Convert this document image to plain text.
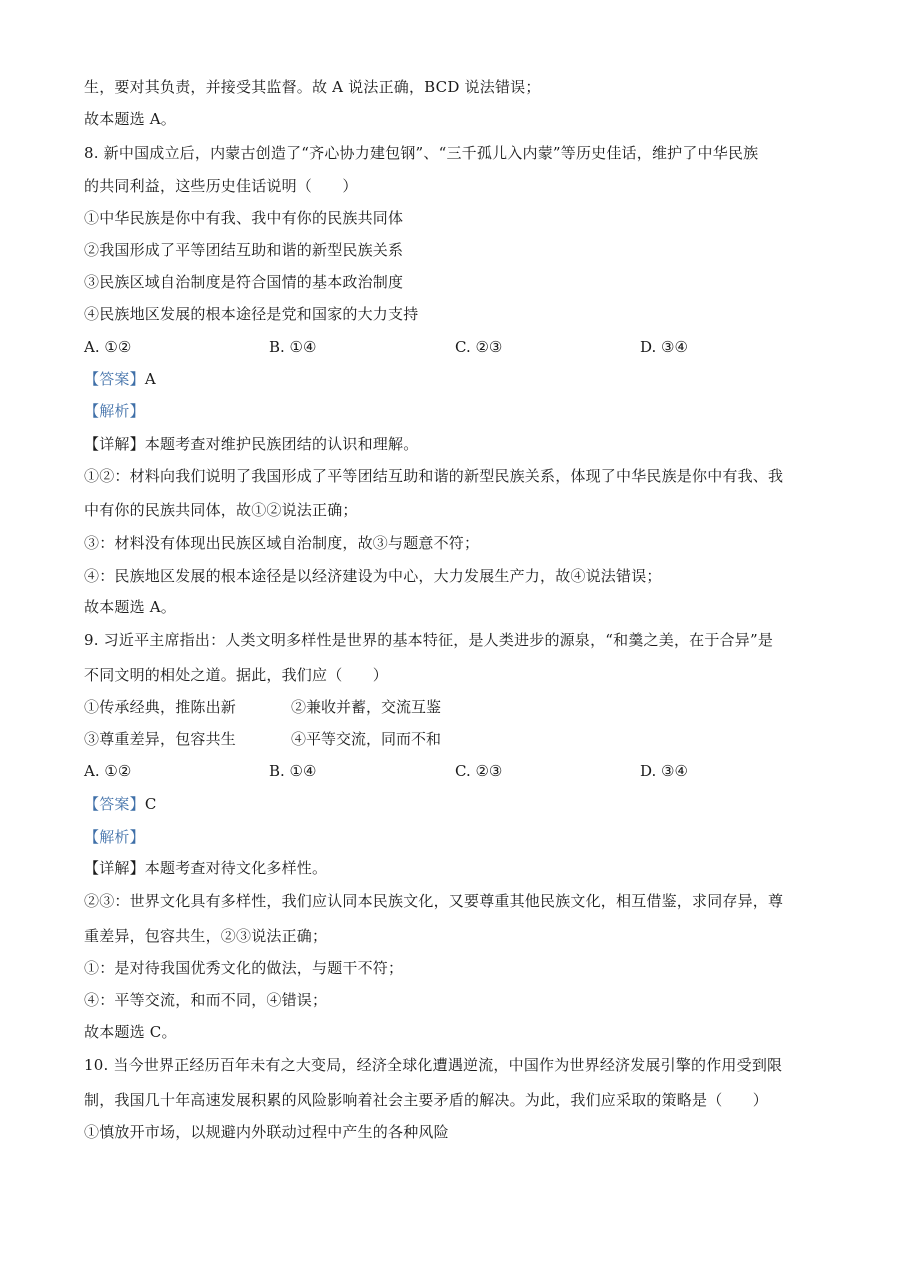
生，要对其负责，并接受其监督。故 A 说法正确，BCD 说法错误；
故本题选 A。
8. 新中国成立后，内蒙古创造了“齐心协力建包钢”、“三千孤儿入内蒙”等历史佳话，维护了中华民族
的共同利益，这些历史佳话说明（　　）
①中华民族是你中有我、我中有你的民族共同体
②我国形成了平等团结互助和谐的新型民族关系
③民族区域自治制度是符合国情的基本政治制度
④民族地区发展的根本途径是党和国家的大力支持
A. ①②	B. ①④	C. ②③	D. ③④
【答案】A
【解析】
【详解】本题考查对维护民族团结的认识和理解。
①②：材料向我们说明了我国形成了平等团结互助和谐的新型民族关系，体现了中华民族是你中有我、我
中有你的民族共同体，故①②说法正确；
③：材料没有体现出民族区域自治制度，故③与题意不符；
④：民族地区发展的根本途径是以经济建设为中心，大力发展生产力，故④说法错误；
故本题选 A。
9. 习近平主席指出：人类文明多样性是世界的基本特征，是人类进步的源泉，“和羹之美，在于合异”是
不同文明的相处之道。据此，我们应（　　）
①传承经典，推陈出新	②兼收并蓄，交流互鉴
③尊重差异，包容共生	④平等交流，同而不和
A. ①②	B. ①④	C. ②③	D. ③④
【答案】C
【解析】
【详解】本题考查对待文化多样性。
②③：世界文化具有多样性，我们应认同本民族文化，又要尊重其他民族文化，相互借鉴，求同存异，尊
重差异，包容共生，②③说法正确；
①：是对待我国优秀文化的做法，与题干不符；
④：平等交流，和而不同，④错误；
故本题选 C。
10. 当今世界正经历百年未有之大变局，经济全球化遭遇逆流，中国作为世界经济发展引擎的作用受到限
制，我国几十年高速发展积累的风险影响着社会主要矛盾的解决。为此，我们应采取的策略是（　　）
①慎放开市场，以规避内外联动过程中产生的各种风险
